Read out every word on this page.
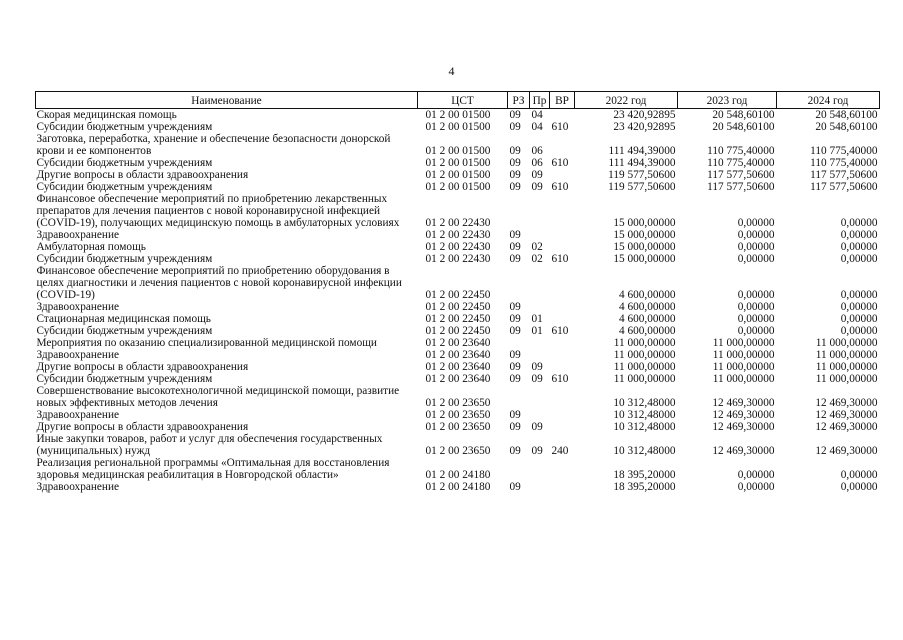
4
Наименование	ЦСТ	РЗ	Пр	ВР	2022 год	2023 год	2024 год
Скорая медицинская помощь	01 2 00 01500	09	04		23 420,92895	20 548,60100	20 548,60100
Субсидии бюджетным учреждениям	01 2 00 01500	09	04	610	23 420,92895	20 548,60100	20 548,60100
Заготовка, переработка, хранение и обеспечение безопасности донорской крови и ее компонентов	01 2 00 01500	09	06		111 494,39000	110 775,40000	110 775,40000
Субсидии бюджетным учреждениям	01 2 00 01500	09	06	610	111 494,39000	110 775,40000	110 775,40000
Другие вопросы в области здравоохранения	01 2 00 01500	09	09		119 577,50600	117 577,50600	117 577,50600
Субсидии бюджетным учреждениям	01 2 00 01500	09	09	610	119 577,50600	117 577,50600	117 577,50600
Финансовое обеспечение мероприятий по приобретению лекарственных препаратов для лечения пациентов с новой коронавирусной инфекцией (COVID-19), получающих медицинскую помощь в амбулаторных условиях	01 2 00 22430				15 000,00000	0,00000	0,00000
Здравоохранение	01 2 00 22430	09			15 000,00000	0,00000	0,00000
Амбулаторная помощь	01 2 00 22430	09	02		15 000,00000	0,00000	0,00000
Субсидии бюджетным учреждениям	01 2 00 22430	09	02	610	15 000,00000	0,00000	0,00000
Финансовое обеспечение мероприятий по приобретению оборудования в целях диагностики и лечения пациентов с новой коронавирусной инфекции (COVID-19)	01 2 00 22450				4 600,00000	0,00000	0,00000
Здравоохранение	01 2 00 22450	09			4 600,00000	0,00000	0,00000
Стационарная медицинская помощь	01 2 00 22450	09	01		4 600,00000	0,00000	0,00000
Субсидии бюджетным учреждениям	01 2 00 22450	09	01	610	4 600,00000	0,00000	0,00000
Мероприятия по оказанию специализированной медицинской помощи	01 2 00 23640				11 000,00000	11 000,00000	11 000,00000
Здравоохранение	01 2 00 23640	09			11 000,00000	11 000,00000	11 000,00000
Другие вопросы в области здравоохранения	01 2 00 23640	09	09		11 000,00000	11 000,00000	11 000,00000
Субсидии бюджетным учреждениям	01 2 00 23640	09	09	610	11 000,00000	11 000,00000	11 000,00000
Совершенствование высокотехнологичной медицинской помощи, развитие новых эффективных методов лечения	01 2 00 23650				10 312,48000	12 469,30000	12 469,30000
Здравоохранение	01 2 00 23650	09			10 312,48000	12 469,30000	12 469,30000
Другие вопросы в области здравоохранения	01 2 00 23650	09	09		10 312,48000	12 469,30000	12 469,30000
Иные закупки товаров, работ и услуг для обеспечения государственных (муниципальных) нужд	01 2 00 23650	09	09	240	10 312,48000	12 469,30000	12 469,30000
Реализация региональной программы «Оптимальная для восстановления здоровья медицинская реабилитация в Новгородской области»	01 2 00 24180				18 395,20000	0,00000	0,00000
Здравоохранение	01 2 00 24180	09			18 395,20000	0,00000	0,00000
